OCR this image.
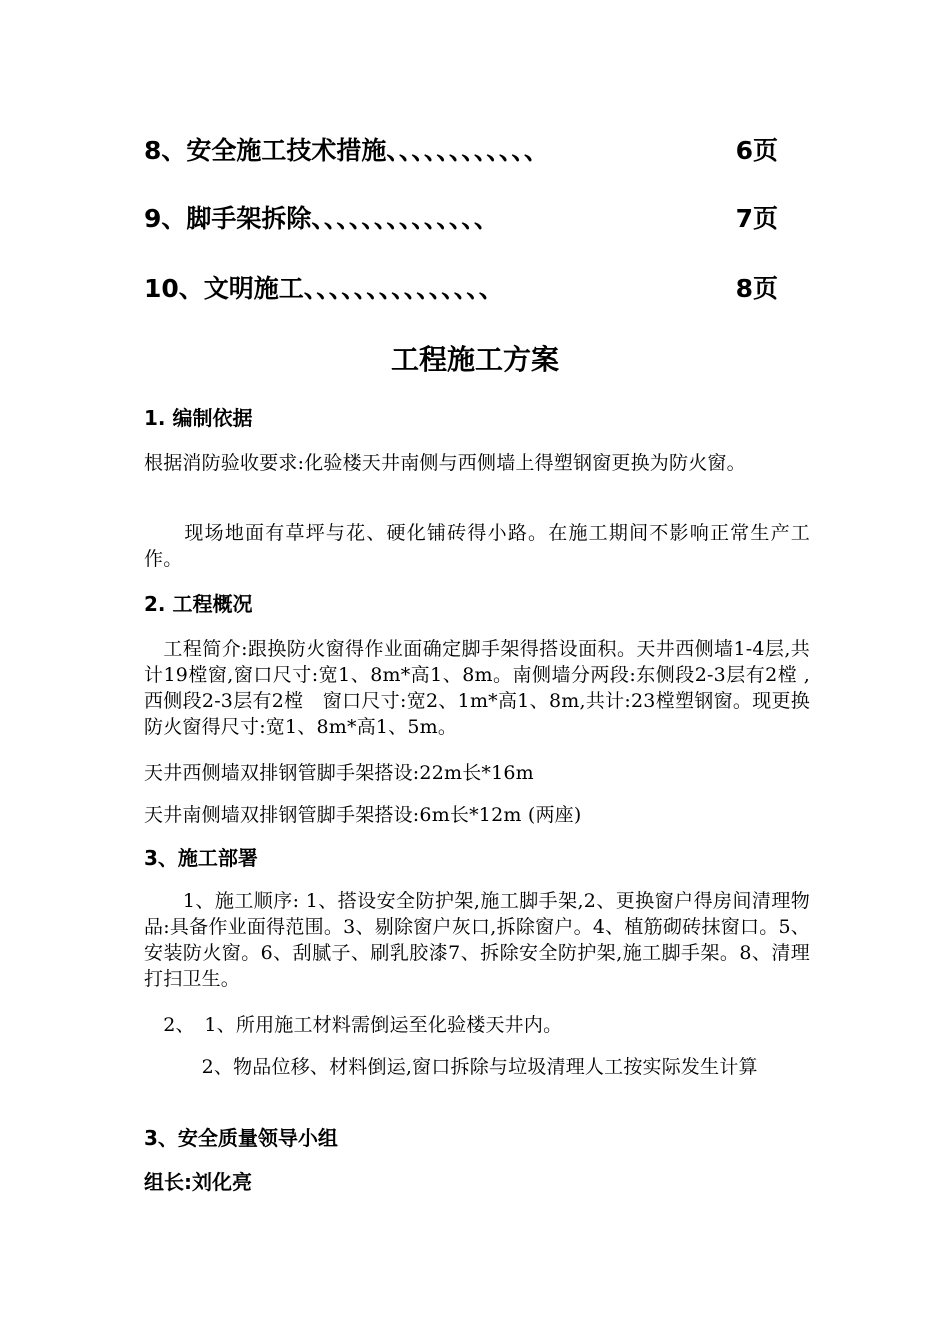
8、安全施工技术措施、、、、、、、、、、、、	6页
9、脚手架拆除、、、、、、、、、、、、、、	7页
10、文明施工、、、、、、、、、、、、、、、	8页
工程施工方案
1. 编制依据
根据消防验收要求:化验楼天井南侧与西侧墙上得塑钢窗更换为防火窗。
　　现场地面有草坪与花、硬化铺砖得小路。在施工期间不影响正常生产工作。
2. 工程概况
　工程简介:跟换防火窗得作业面确定脚手架得搭设面积。天井西侧墙1-4层,共计19樘窗,窗口尺寸:宽1、8m*高1、8m。南侧墙分两段:东侧段2-3层有2樘 ,西侧段2-3层有2樘　窗口尺寸:宽2、1m*高1、8m,共计:23樘塑钢窗。现更换防火窗得尺寸:宽1、8m*高1、5m。
天井西侧墙双排钢管脚手架搭设:22m长*16m
天井南侧墙双排钢管脚手架搭设:6m长*12m (两座)
3、施工部署
　　1、施工顺序: 1、搭设安全防护架,施工脚手架,2、更换窗户得房间清理物品:具备作业面得范围。3、剔除窗户灰口,拆除窗户。4、植筋砌砖抹窗口。5、安装防火窗。6、刮腻子、刷乳胶漆7、拆除安全防护架,施工脚手架。8、清理打扫卫生。
　2、　1、所用施工材料需倒运至化验楼天井内。
　　　2、物品位移、材料倒运,窗口拆除与垃圾清理人工按实际发生计算
3、安全质量领导小组
组长:刘化亮
